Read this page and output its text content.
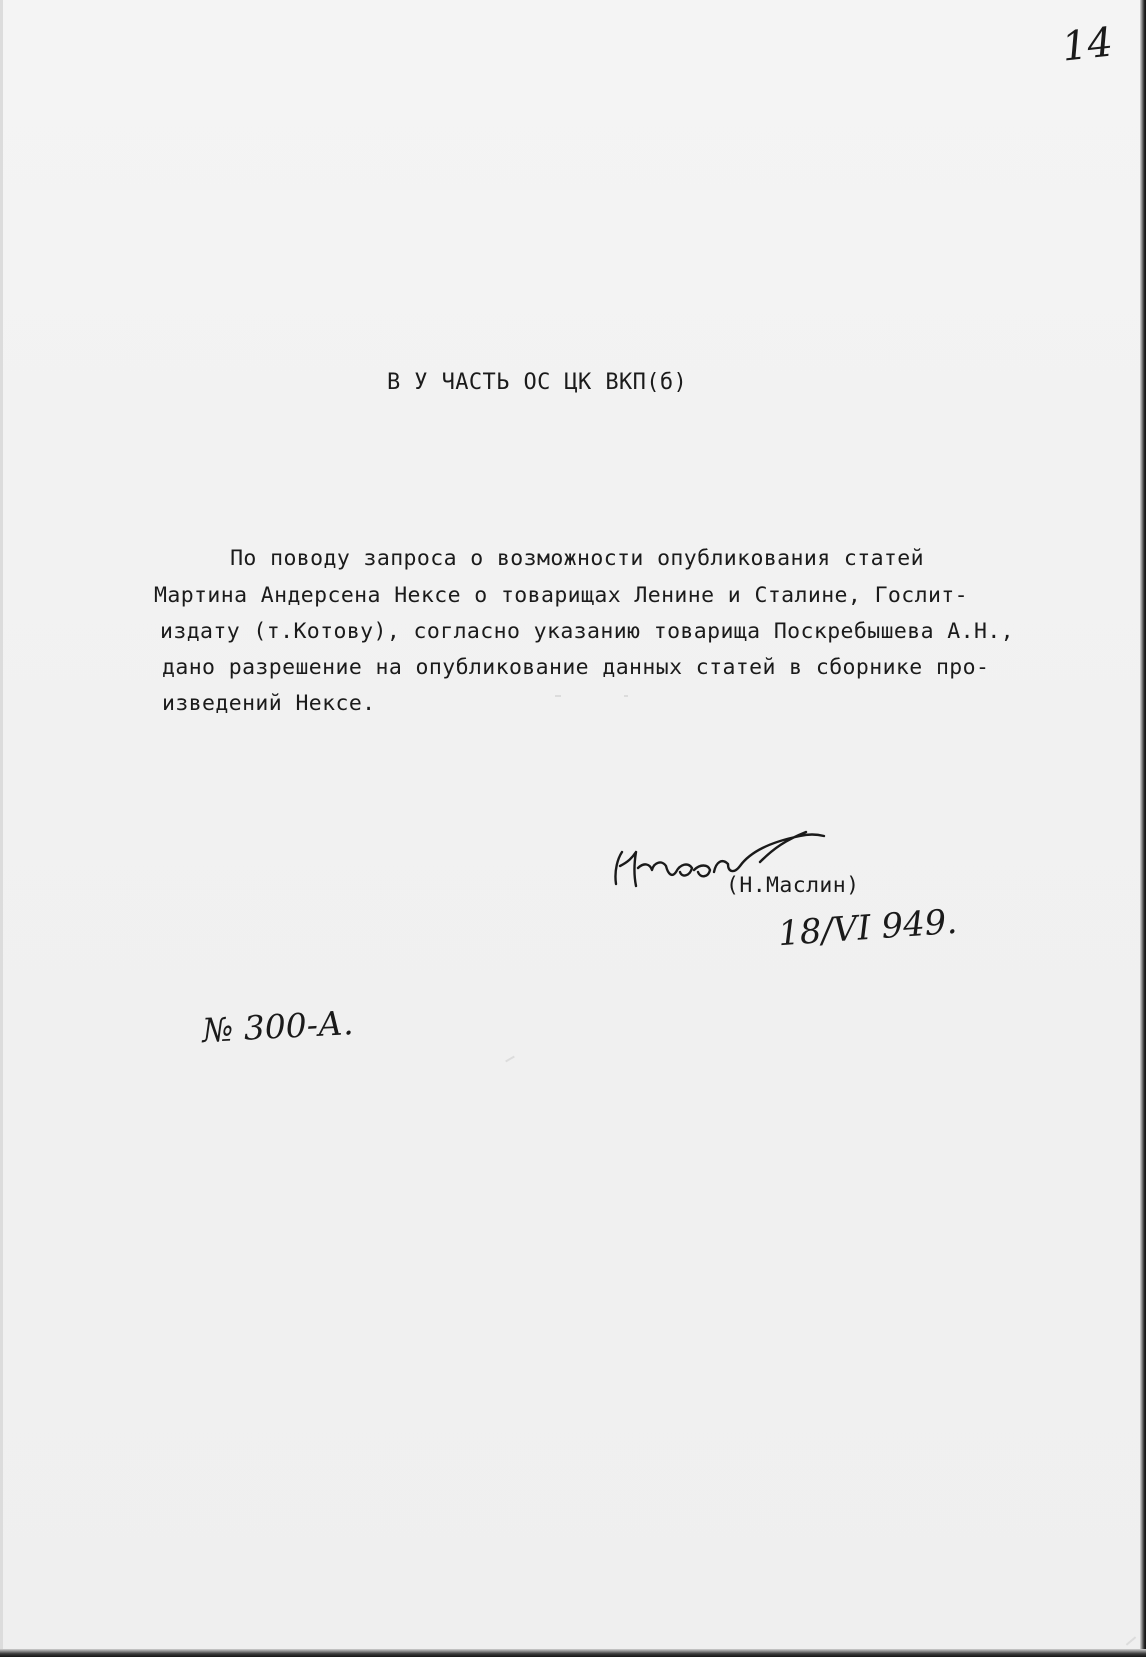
14
В У ЧАСТЬ ОС ЦК ВКП(б)
По поводу запроса о возможности опубликования статей
Мартина Андерсена Нексе о товарищах Ленине и Сталине, Гослит-
издату (т.Котову), согласно указанию товарища Поскребышева А.Н.,
дано разрешение на опубликование данных статей в сборнике про-
изведений Нексе.
(Н.Маслин)
18/VI 949.
№ 300-А.
